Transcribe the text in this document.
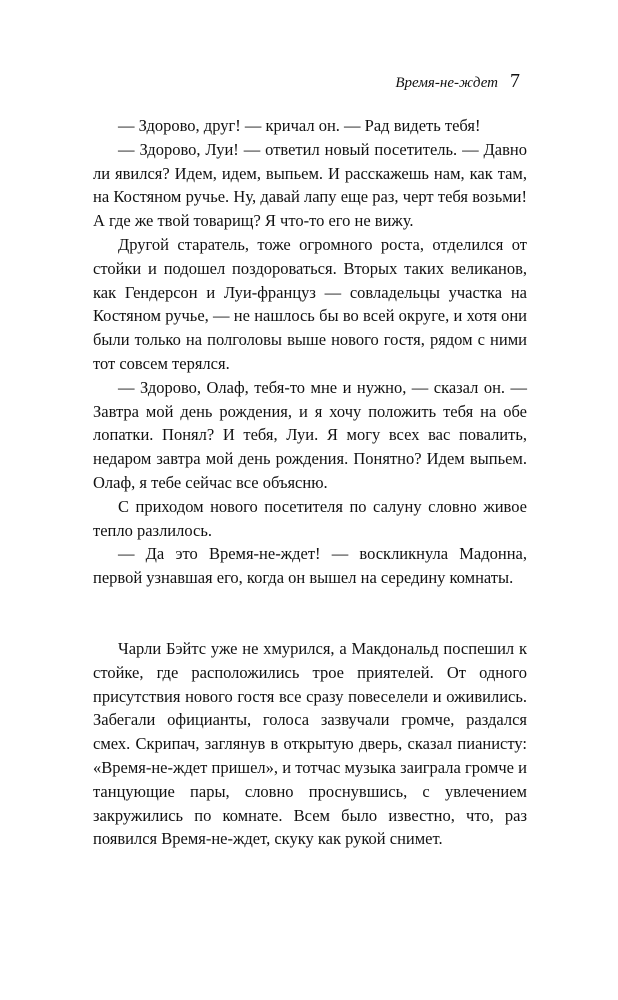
Время-не-ждет 7

— Здорово, друг! — кричал он. — Рад видеть тебя!

— Здорово, Луи! — ответил новый посетитель. — Давно ли явился? Идем, идем, выпьем. И расскажешь нам, как там, на Костяном ручье. Ну, давай лапу еще раз, черт тебя возьми! А где же твой товарищ? Я что-то его не вижу.

Другой старатель, тоже огромного роста, отделился от стойки и подошел поздороваться. Вторых таких великанов, как Гендерсон и Луи-француз — совладельцы участка на Костяном ручье, — не нашлось бы во всей округе, и хотя они были только на полголовы выше нового гостя, рядом с ними тот совсем терялся.

— Здорово, Олаф, тебя-то мне и нужно, — сказал он. — Завтра мой день рождения, и я хочу положить тебя на обе лопатки. Понял? И тебя, Луи. Я могу всех вас повалить, недаром завтра мой день рождения. Понятно? Идем выпьем. Олаф, я тебе сейчас все объясню.

С приходом нового посетителя по салуну словно живое тепло разлилось.

— Да это Время-не-ждет! — воскликнула Мадонна, первой узнавшая его, когда он вышел на середину комнаты.

Чарли Бэйтс уже не хмурился, а Макдональд поспешил к стойке, где расположились трое приятелей. От одного присутствия нового гостя все сразу повеселели и оживились. Забегали официанты, голоса зазвучали громче, раздался смех. Скрипач, заглянув в открытую дверь, сказал пианисту: «Время-не-ждет пришел», и тотчас музыка заиграла громче и танцующие пары, словно проснувшись, с увлечением закружились по комнате. Всем было известно, что, раз появился Время-не-ждет, скуку как рукой снимет.
